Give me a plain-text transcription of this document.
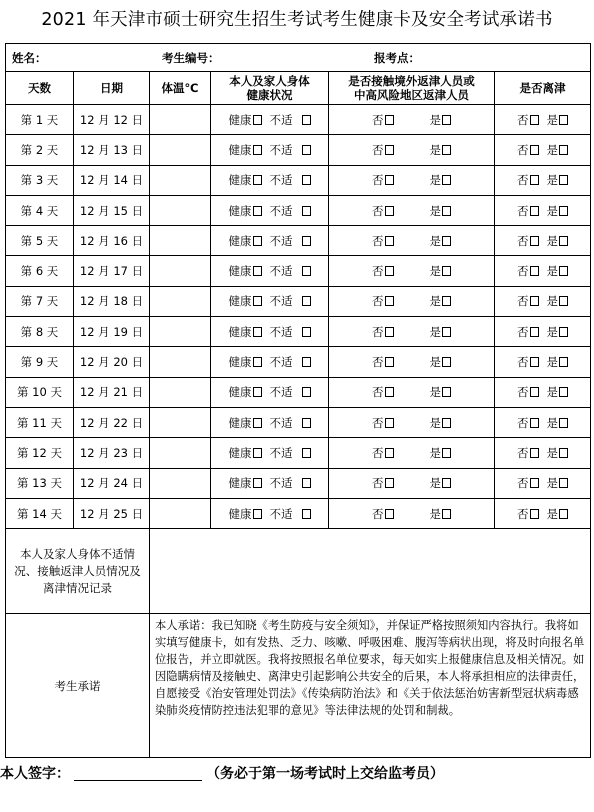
2021 年天津市硕士研究生招生考试考生健康卡及安全考试承诺书
姓名： 考生编号： 报考点：					
天数	日期	体温℃	本人及家人身体健康状况	是否接触境外返津人员或中高风险地区返津人员	是否离津
第 1 天	12 月 12 日		健康 不适	否 是	否 是
第 2 天	12 月 13 日		健康 不适	否 是	否 是
第 3 天	12 月 14 日		健康 不适	否 是	否 是
第 4 天	12 月 15 日		健康 不适	否 是	否 是
第 5 天	12 月 16 日		健康 不适	否 是	否 是
第 6 天	12 月 17 日		健康 不适	否 是	否 是
第 7 天	12 月 18 日		健康 不适	否 是	否 是
第 8 天	12 月 19 日		健康 不适	否 是	否 是
第 9 天	12 月 20 日		健康 不适	否 是	否 是
第 10 天	12 月 21 日		健康 不适	否 是	否 是
第 11 天	12 月 22 日		健康 不适	否 是	否 是
第 12 天	12 月 23 日		健康 不适	否 是	否 是
第 13 天	12 月 24 日		健康 不适	否 是	否 是
第 14 天	12 月 25 日		健康 不适	否 是	否 是
本人及家人身体不适情况、接触返津人员情况及离津情况记录					
考生承诺		本人承诺：我已知晓《考生防疫与安全须知》，并保证严格按照须知内容执行。我将如实填写健康卡，如有发热、乏力、咳嗽、呼吸困难、腹泻等病状出现，将及时向报名单位报告，并立即就医。我将按照报名单位要求，每天如实上报健康信息及相关情况。如因隐瞒病情及接触史、离津史引起影响公共安全的后果，本人将承担相应的法律责任，自愿接受《治安管理处罚法》《传染病防治法》和《关于依法惩治妨害新型冠状病毒感染肺炎疫情防控违法犯罪的意见》等法律法规的处罚和制裁。			
本人签字：	（务必于第一场考试时上交给监考员）
